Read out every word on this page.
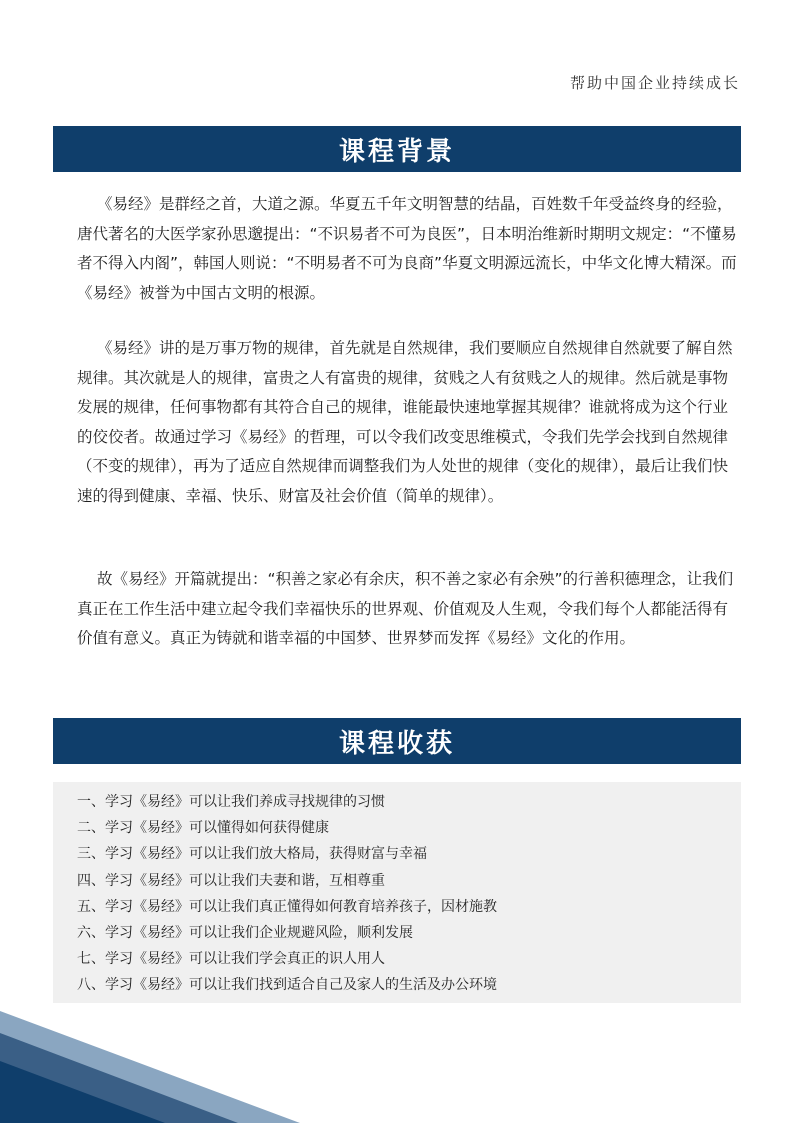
帮助中国企业持续成长
课程背景

《易经》是群经之首，大道之源。华夏五千年文明智慧的结晶，百姓数千年受益终身的经验，唐代著名的大医学家孙思邈提出：“不识易者不可为良医”，日本明治维新时期明文规定：“不懂易者不得入内阁”，韩国人则说：“不明易者不可为良商”华夏文明源远流长，中华文化博大精深。而《易经》被誉为中国古文明的根源。

《易经》讲的是万事万物的规律，首先就是自然规律，我们要顺应自然规律自然就要了解自然规律。其次就是人的规律，富贵之人有富贵的规律，贫贱之人有贫贱之人的规律。然后就是事物发展的规律，任何事物都有其符合自己的规律，谁能最快速地掌握其规律？谁就将成为这个行业的佼佼者。故通过学习《易经》的哲理，可以令我们改变思维模式，令我们先学会找到自然规律（不变的规律），再为了适应自然规律而调整我们为人处世的规律（变化的规律），最后让我们快速的得到健康、幸福、快乐、财富及社会价值（简单的规律）。

故《易经》开篇就提出：“积善之家必有余庆，积不善之家必有余殃”的行善积德理念，让我们真正在工作生活中建立起令我们幸福快乐的世界观、价值观及人生观，令我们每个人都能活得有价值有意义。真正为铸就和谐幸福的中国梦、世界梦而发挥《易经》文化的作用。

课程收获
一、学习《易经》可以让我们养成寻找规律的习惯
二、学习《易经》可以懂得如何获得健康
三、学习《易经》可以让我们放大格局，获得财富与幸福
四、学习《易经》可以让我们夫妻和谐，互相尊重
五、学习《易经》可以让我们真正懂得如何教育培养孩子，因材施教
六、学习《易经》可以让我们企业规避风险，顺利发展
七、学习《易经》可以让我们学会真正的识人用人
八、学习《易经》可以让我们找到适合自己及家人的生活及办公环境
